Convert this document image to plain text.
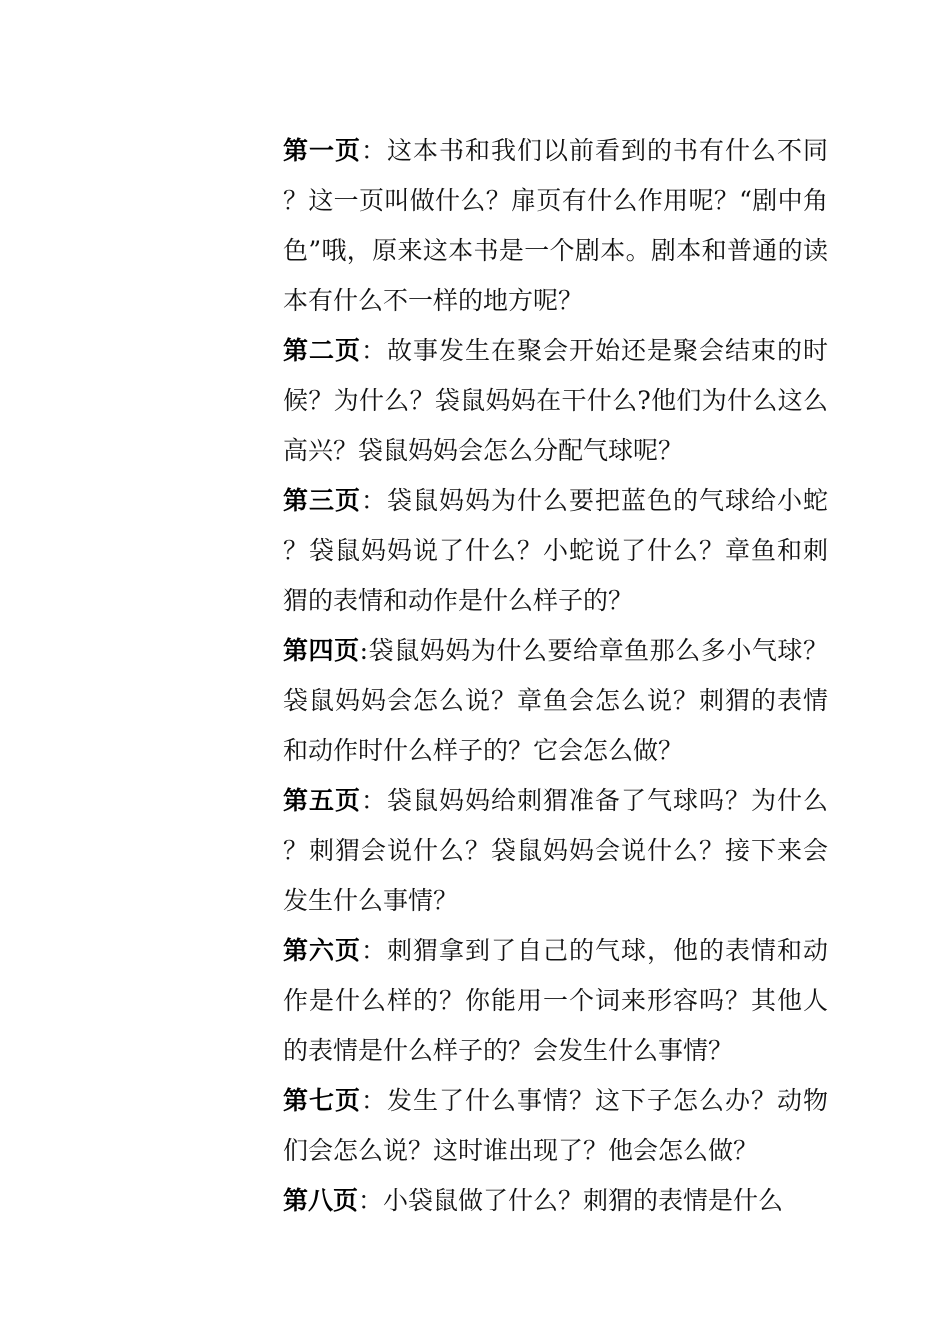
第一页：这本书和我们以前看到的书有什么不同？这一页叫做什么？扉页有什么作用呢？“剧中角色”哦，原来这本书是一个剧本。剧本和普通的读本有什么不一样的地方呢？

第二页：故事发生在聚会开始还是聚会结束的时候？为什么？袋鼠妈妈在干什么?他们为什么这么高兴？袋鼠妈妈会怎么分配气球呢？

第三页：袋鼠妈妈为什么要把蓝色的气球给小蛇？袋鼠妈妈说了什么？小蛇说了什么？章鱼和刺猬的表情和动作是什么样子的？

第四页:袋鼠妈妈为什么要给章鱼那么多小气球？袋鼠妈妈会怎么说？章鱼会怎么说？刺猬的表情和动作时什么样子的？它会怎么做？

第五页：袋鼠妈妈给刺猬准备了气球吗？为什么？刺猬会说什么？袋鼠妈妈会说什么？接下来会发生什么事情？

第六页：刺猬拿到了自己的气球，他的表情和动作是什么样的？你能用一个词来形容吗？其他人的表情是什么样子的？会发生什么事情？

第七页：发生了什么事情？这下子怎么办？动物们会怎么说？这时谁出现了？他会怎么做？

第八页：小袋鼠做了什么？刺猬的表情是什么
